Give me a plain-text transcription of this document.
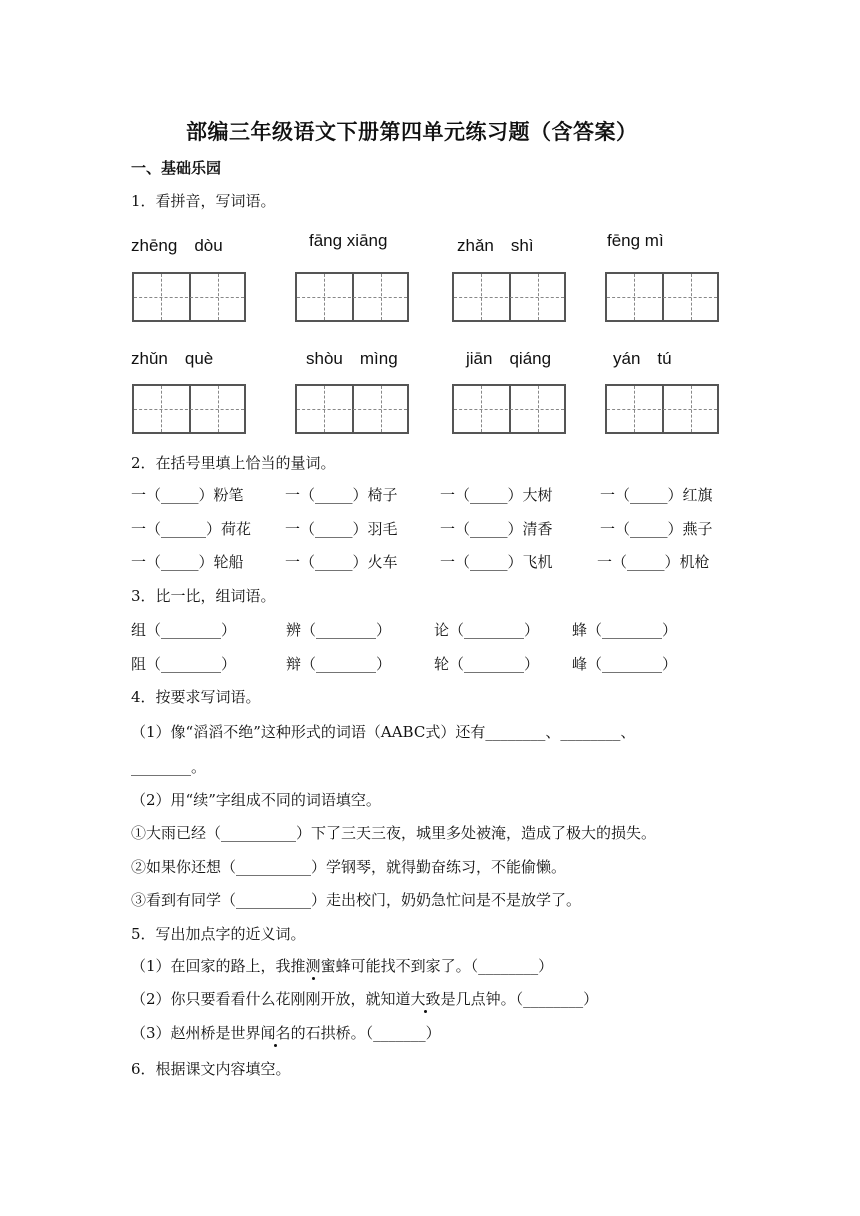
部编三年级语文下册第四单元练习题（含答案）
一、基础乐园
1．看拼音，写词语。
zhēng　dòu	fāng xiāng	zhǎn　shì	fēng mì
zhǔn　què	shòu　mìng	jiān　qiáng	yán　tú
2．在括号里填上恰当的量词。
一（_____）粉笔	一（_____）椅子	一（_____）大树	一（_____）红旗
一（______）荷花 一（_____）羽毛	一（_____）清香	一（_____）燕子
一（_____）轮船	一（_____）火车	一（_____）飞机	一（_____）机枪
3．比一比，组词语。
组（________）	辨（________）	论（________） 蜂（________）
阻（________）	辩（________）	轮（________） 峰（________）
4．按要求写词语。
（1）像“滔滔不绝”这种形式的词语（AABC式）还有________、________、
________。
（2）用“续”字组成不同的词语填空。
①大雨已经（__________）下了三天三夜，城里多处被淹，造成了极大的损失。
②如果你还想（__________）学钢琴，就得勤奋练习，不能偷懒。
③看到有同学（__________）走出校门，奶奶急忙问是不是放学了。
5．写出加点字的近义词。
（1）在回家的路上，我推测蜜蜂可能找不到家了。（________）
（2）你只要看看什么花刚刚开放，就知道大致是几点钟。（________）
（3）赵州桥是世界闻名的石拱桥。（_______）
6．根据课文内容填空。
